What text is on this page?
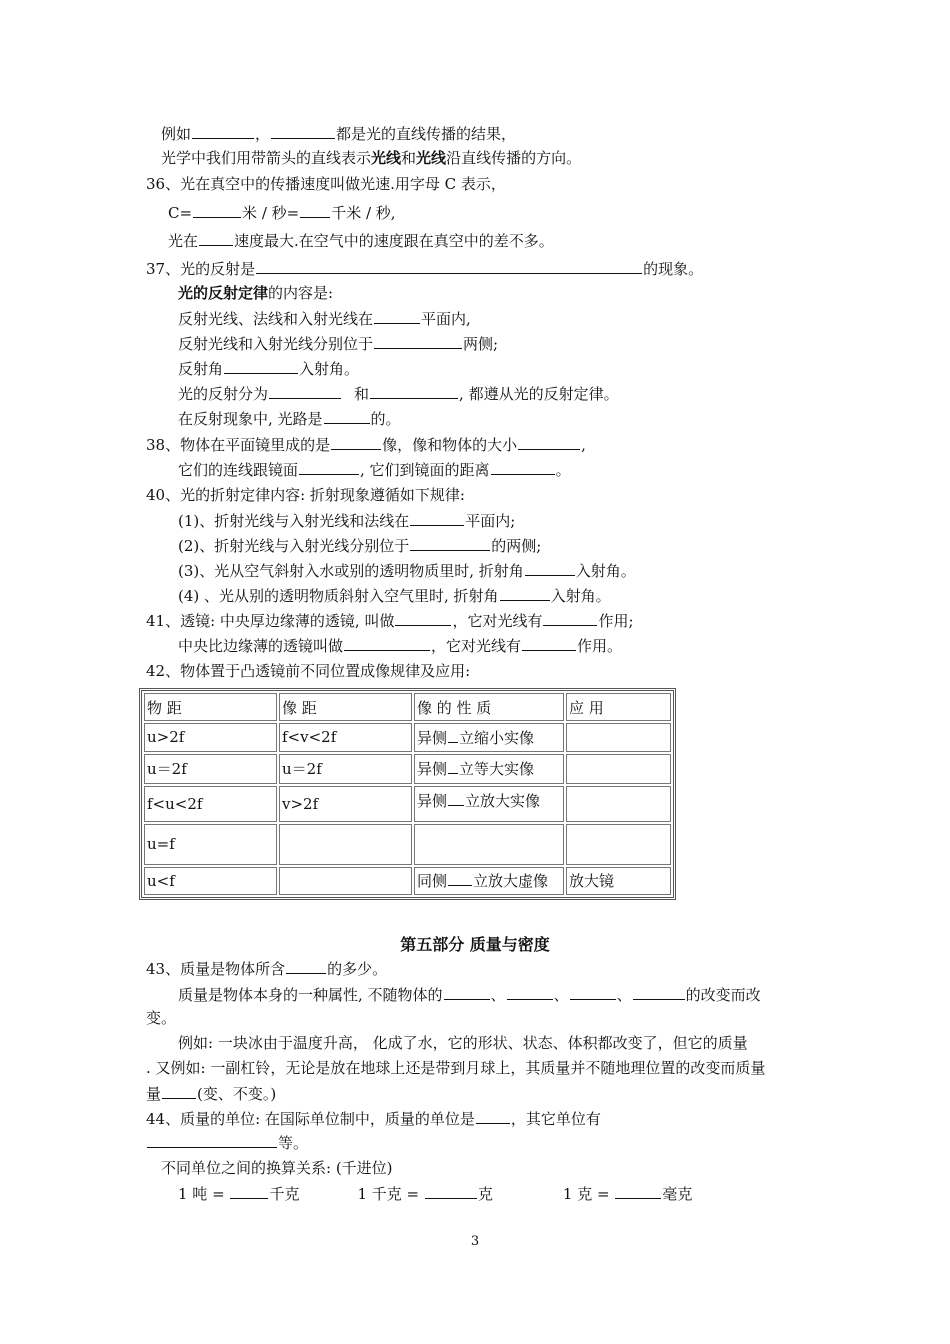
例如	，	都是光的直线传播的结果，
光学中我们用带箭头的直线表示光线和光线沿直线传播的方向。
36、光在真空中的传播速度叫做光速.用字母 C 表示，
C=	米 / 秒= 千米 / 秒,
光在 速度最大.在空气中的速度跟在真空中的差不多。
37、光的反射是	的现象。
光的反射定律的内容是:
反射光线、法线和入射光线在	平面内,
反射光线和入射光线分别位于	两侧;
反射角	入射角。
光的反射分为	和	, 都遵从光的反射定律。
在反射现象中, 光路是	的。
38、物体在平面镜里成的是	像，像和物体的大小	,
它们的连线跟镜面	, 它们到镜面的距离	。
40、光的折射定律内容: 折射现象遵循如下规律:
(1)、折射光线与入射光线和法线在	平面内;
(2)、折射光线与入射光线分别位于	的两侧;
(3)、光从空气斜射入水或别的透明物质里时, 折射角	入射角。
(4) 、光从别的透明物质斜射入空气里时, 折射角	入射角。
41、透镜: 中央厚边缘薄的透镜, 叫做	，它对光线有	作用;
中央比边缘薄的透镜叫做	，它对光线有	作用。
42、物体置于凸透镜前不同位置成像规律及应用:
物 距	像 距	像 的 性 质	应 用
u>2f	f<v<2f	异侧 立缩小实像	
u＝2f	u＝2f	异侧 立等大实像	
f<u<2f	v>2f	异侧 立放大实像	
u=f			
u<f		同侧 立放大虚像	放大镜
第五部分 质量与密度
43、质量是物体所含	的多少。
质量是物体本身的一种属性, 不随物体的	、	、	、	的改变而改
变。
例如: 一块冰由于温度升高， 化成了水，它的形状、状态、体积都改变了，但它的质量
. 又例如: 一副杠铃，无论是放在地球上还是带到月球上，其质量并不随地理位置的改变而质量
量 (变、不变。)
44、质量的单位: 在国际单位制中，质量的单位是 ，其它单位有
等。
不同单位之间的换算关系: (千进位)
1 吨 =	千克	1 千克 =	克	1 克 =	毫克
3
